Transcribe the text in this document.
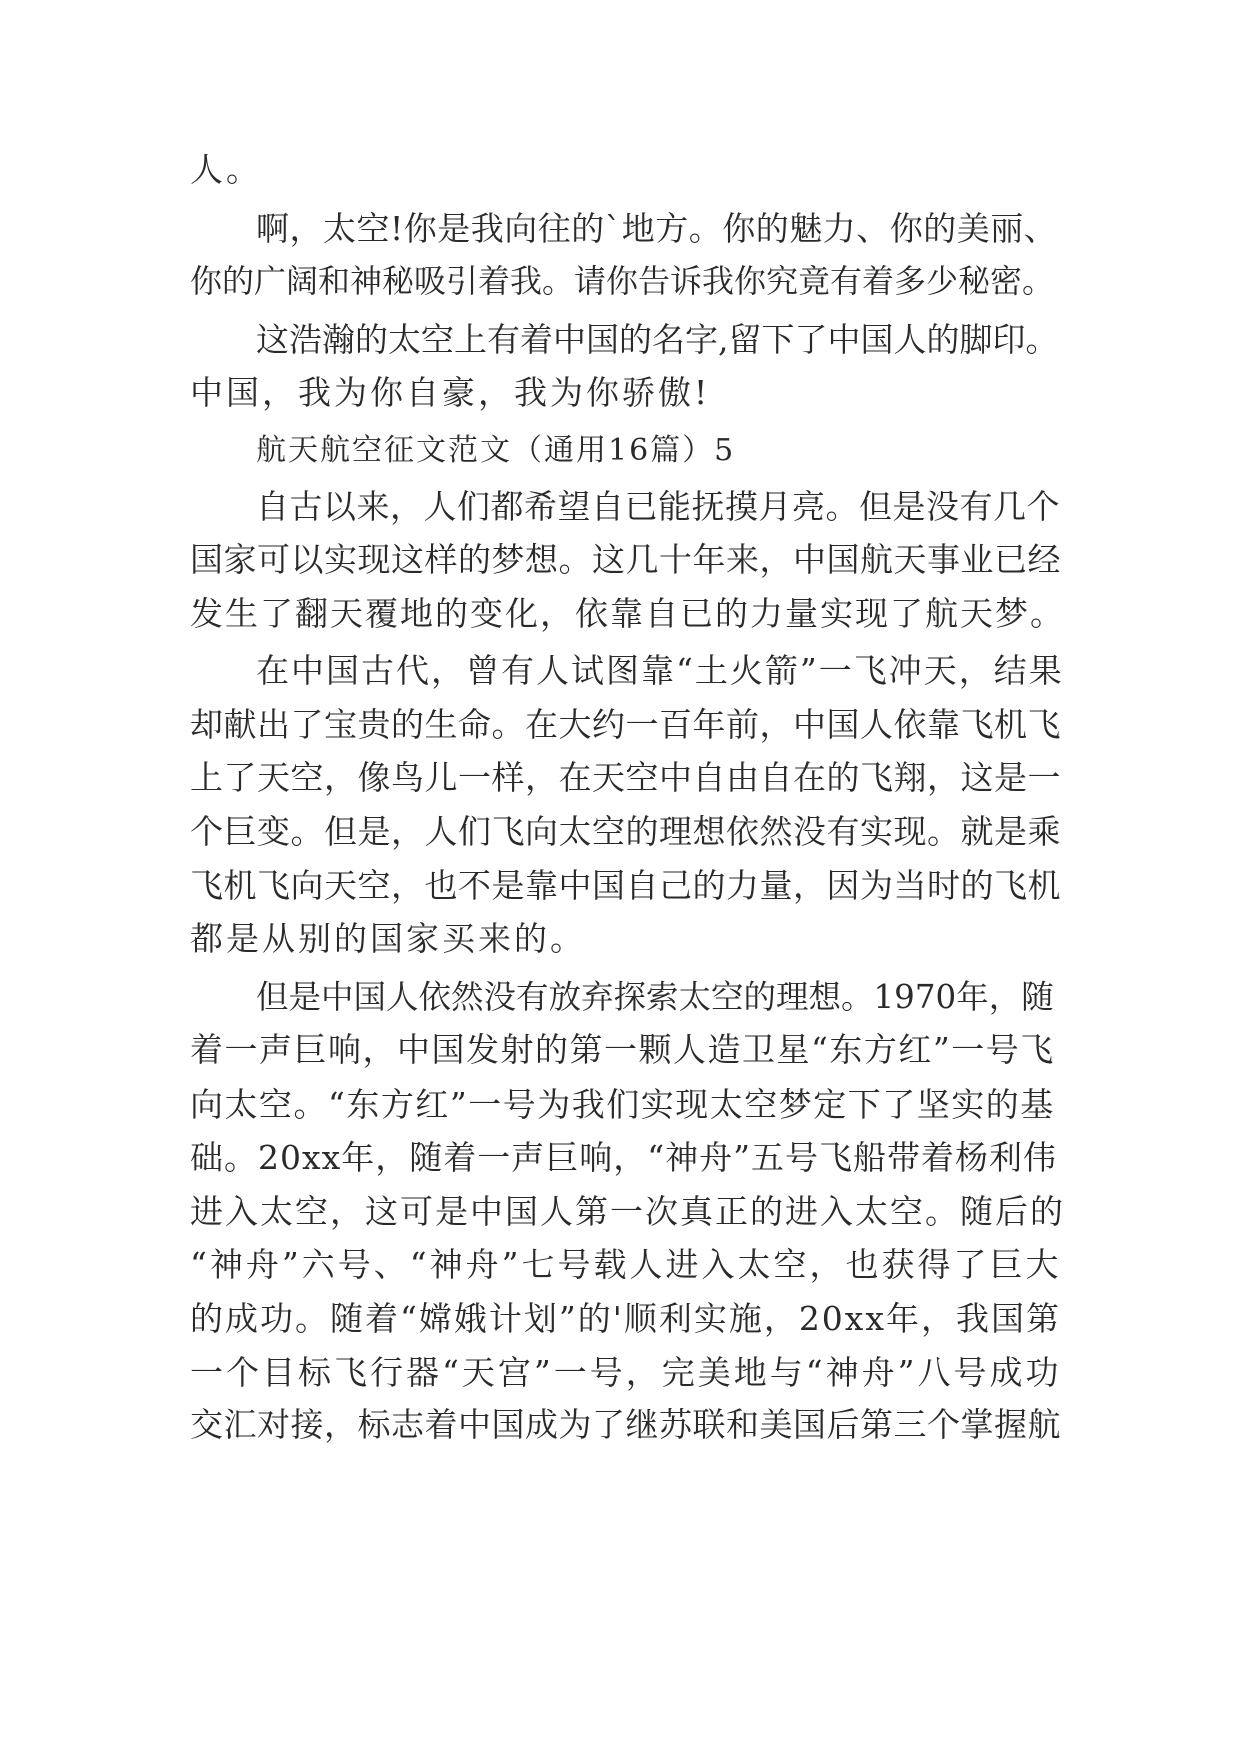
人。
啊，太空!你是我向往的`地方。你的魅力、你的美丽、
你的广阔和神秘吸引着我。请你告诉我你究竟有着多少秘密。
这浩瀚的太空上有着中国的名字,留下了中国人的脚印。
中国，我为你自豪，我为你骄傲!
航天航空征文范文（通用16篇）5
自古以来，人们都希望自已能抚摸月亮。但是没有几个
国家可以实现这样的梦想。这几十年来，中国航天事业已经
发生了翻天覆地的变化，依靠自已的力量实现了航天梦。
在中国古代，曾有人试图靠“土火箭”一飞冲天，结果
却献出了宝贵的生命。在大约一百年前，中国人依靠飞机飞
上了天空，像鸟儿一样，在天空中自由自在的飞翔，这是一
个巨变。但是，人们飞向太空的理想依然没有实现。就是乘
飞机飞向天空，也不是靠中国自己的力量，因为当时的飞机
都是从别的国家买来的。
但是中国人依然没有放弃探索太空的理想。1970年，随
着一声巨响，中国发射的第一颗人造卫星“东方红”一号飞
向太空。“东方红”一号为我们实现太空梦定下了坚实的基
础。20xx年，随着一声巨响，“神舟”五号飞船带着杨利伟
进入太空，这可是中国人第一次真正的进入太空。随后的
“神舟”六号、“神舟”七号载人进入太空，也获得了巨大
的成功。随着“嫦娥计划”的'顺利实施，20xx年，我国第
一个目标飞行器“天宫”一号，完美地与“神舟”八号成功
交汇对接，标志着中国成为了继苏联和美国后第三个掌握航
